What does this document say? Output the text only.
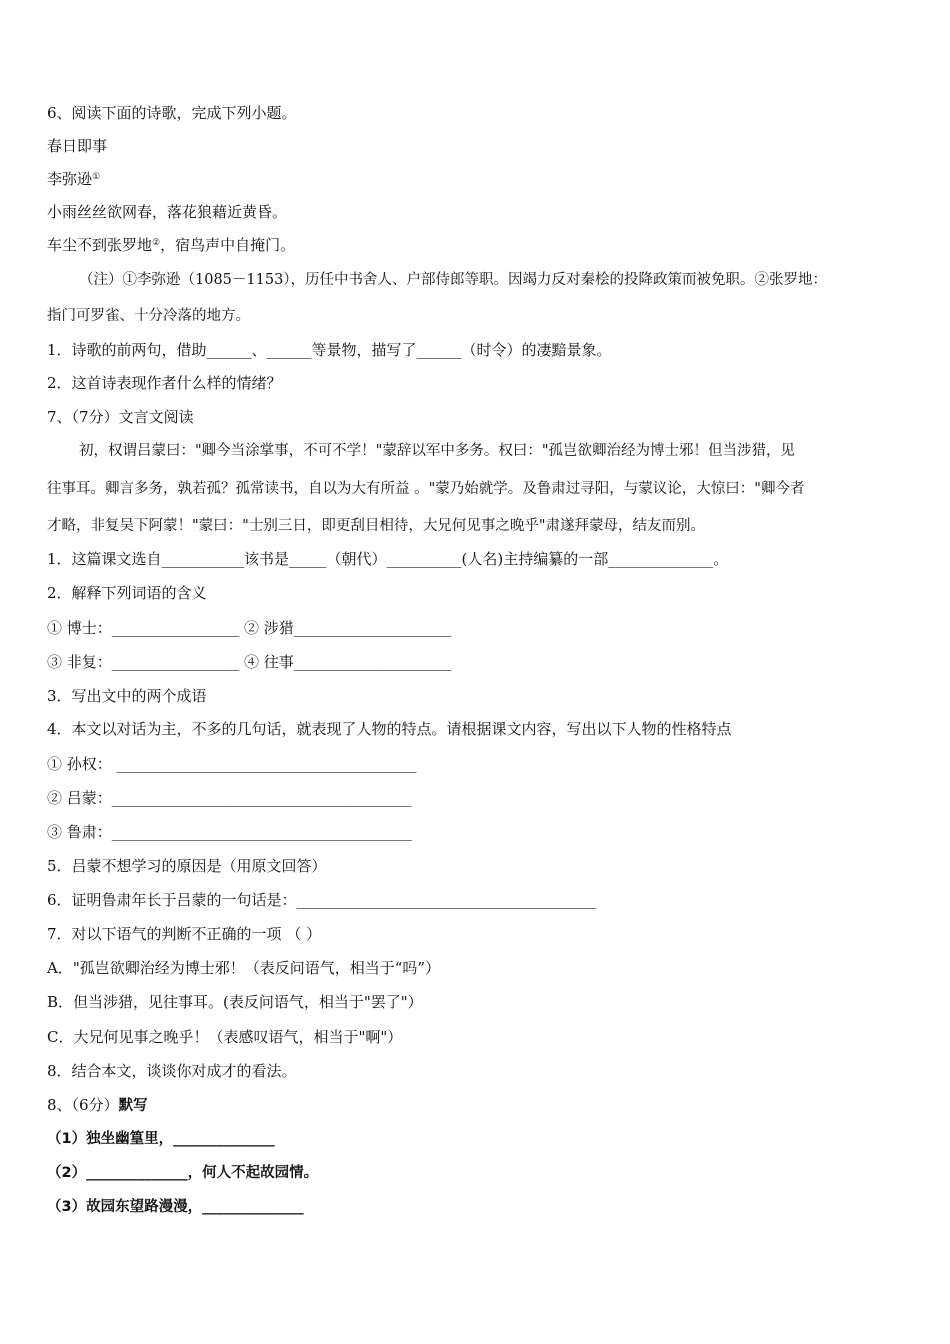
6、阅读下面的诗歌，完成下列小题。
春日即事
李弥逊①
小雨丝丝欲网春，落花狼藉近黄昏。
车尘不到张罗地②，宿鸟声中自掩门。
（注）①李弥逊（1085－1153），历任中书舍人、户部侍郎等职。因竭力反对秦桧的投降政策而被免职。②张罗地：
指门可罗雀、十分冷落的地方。
1．诗歌的前两句，借助______、______等景物，描写了______（时令）的凄黯景象。
2．这首诗表现作者什么样的情绪？
7、（7分）文言文阅读
初，权谓吕蒙曰："卿今当涂掌事，不可不学！"蒙辞以军中多务。权曰："孤岂欲卿治经为博士邪！但当涉猎，见
往事耳。卿言多务，孰若孤？孤常读书，自以为大有所益 。"蒙乃始就学。及鲁肃过寻阳，与蒙议论，大惊曰："卿今者
才略，非复吴下阿蒙！"蒙曰："士别三日，即更刮目相待，大兄何见事之晚乎"肃遂拜蒙母，结友而别。
1．这篇课文选自___________该书是_____（朝代）__________(人名)主持编纂的一部______________。
2．解释下列词语的含义
① 博士：_________________ ② 涉猎_____________________
③ 非复：_________________ ④ 往事_____________________
3．写出文中的两个成语
4．本文以对话为主，不多的几句话，就表现了人物的特点。请根据课文内容，写出以下人物的性格特点
① 孙权： ________________________________________
② 吕蒙：________________________________________
③ 鲁肃：________________________________________
5．吕蒙不想学习的原因是（用原文回答）
6．证明鲁肃年长于吕蒙的一句话是：________________________________________
7．对以下语气的判断不正确的一项 （ ）
A．"孤岂欲卿治经为博士邪！（表反问语气，相当于“吗”）
B．但当涉猎，见往事耳。(表反问语气，相当于"罢了"）
C．大兄何见事之晚乎！（表感叹语气，相当于"啊"）
8．结合本文，谈谈你对成才的看法。
8、（6分）默写
（1）独坐幽篁里，______________
（2）______________，何人不起故园情。
（3）故园东望路漫漫，______________
